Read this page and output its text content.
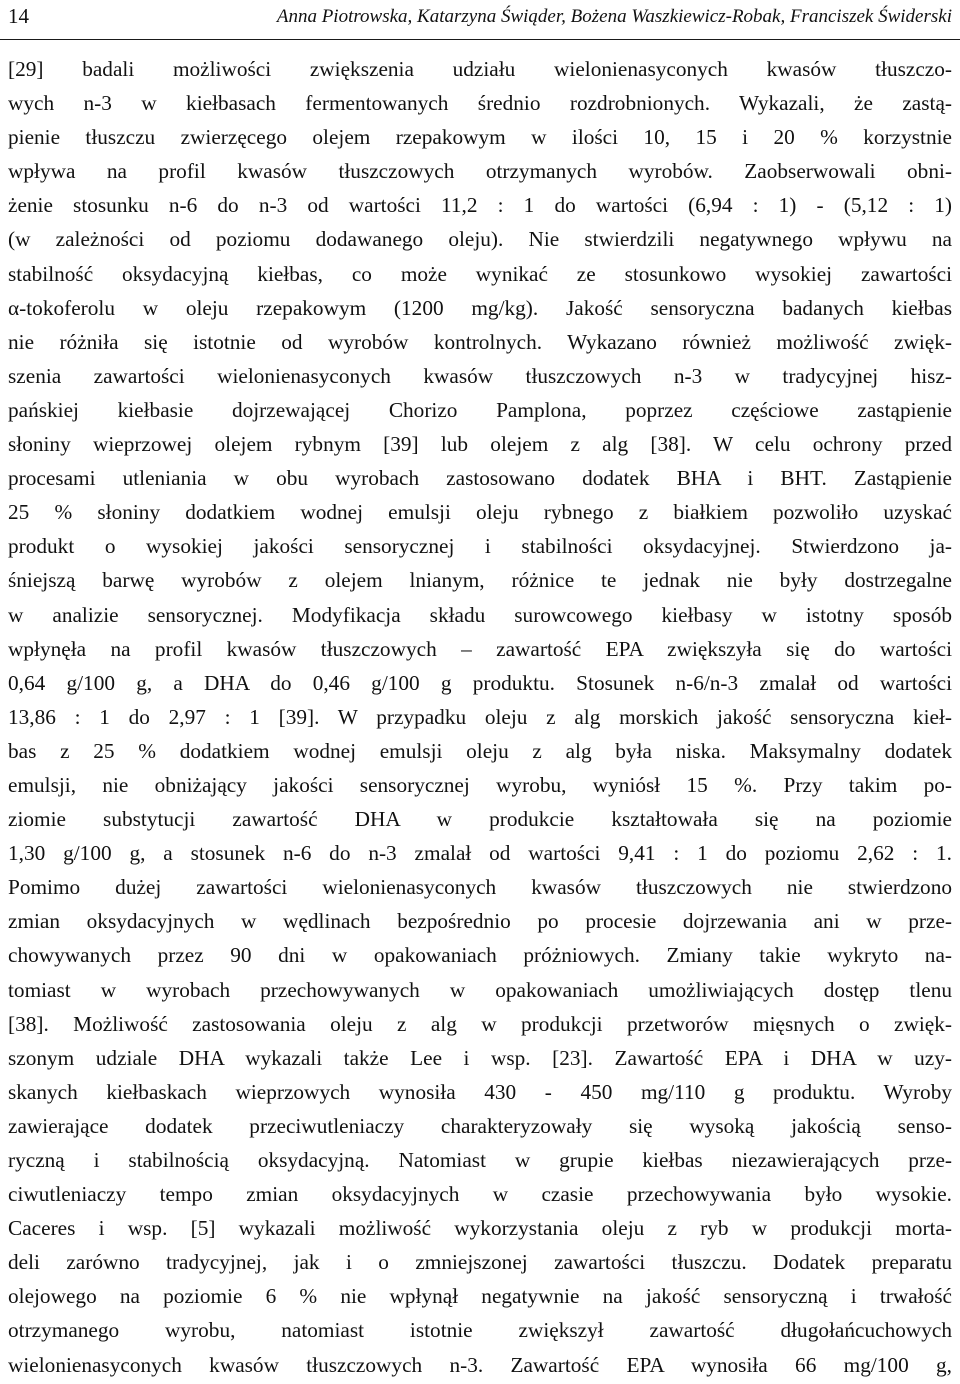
14	Anna Piotrowska, Katarzyna Świąder, Bożena Waszkiewicz-Robak, Franciszek Świderski
[29] badali możliwości zwiększenia udziału wielonienasyconych kwasów tłuszczo-
wych n-3 w kiełbasach fermentowanych średnio rozdrobnionych. Wykazali, że zastą-
pienie tłuszczu zwierzęcego olejem rzepakowym w ilości 10, 15 i 20 % korzystnie
wpływa na profil kwasów tłuszczowych otrzymanych wyrobów. Zaobserwowali obni-
żenie stosunku n-6 do n-3 od wartości 11,2 : 1 do wartości (6,94 : 1) - (5,12 : 1)
(w zależności od poziomu dodawanego oleju). Nie stwierdzili negatywnego wpływu na
stabilność oksydacyjną kiełbas, co może wynikać ze stosunkowo wysokiej zawartości
α-tokoferolu w oleju rzepakowym (1200 mg/kg). Jakość sensoryczna badanych kiełbas
nie różniła się istotnie od wyrobów kontrolnych. Wykazano również możliwość zwięk-
szenia zawartości wielonienasyconych kwasów tłuszczowych n-3 w tradycyjnej hisz-
pańskiej kiełbasie dojrzewającej Chorizo Pamplona, poprzez częściowe zastąpienie
słoniny wieprzowej olejem rybnym [39] lub olejem z alg [38]. W celu ochrony przed
procesami utleniania w obu wyrobach zastosowano dodatek BHA i BHT. Zastąpienie
25 % słoniny dodatkiem wodnej emulsji oleju rybnego z białkiem pozwoliło uzyskać
produkt o wysokiej jakości sensorycznej i stabilności oksydacyjnej. Stwierdzono ja-
śniejszą barwę wyrobów z olejem lnianym, różnice te jednak nie były dostrzegalne
w analizie sensorycznej. Modyfikacja składu surowcowego kiełbasy w istotny sposób
wpłynęła na profil kwasów tłuszczowych – zawartość EPA zwiększyła się do wartości
0,64 g/100 g, a DHA do 0,46 g/100 g produktu. Stosunek n-6/n-3 zmalał od wartości
13,86 : 1 do 2,97 : 1 [39]. W przypadku oleju z alg morskich jakość sensoryczna kieł-
bas z 25 % dodatkiem wodnej emulsji oleju z alg była niska. Maksymalny dodatek
emulsji, nie obniżający jakości sensorycznej wyrobu, wyniósł 15 %. Przy takim po-
ziomie substytucji zawartość DHA w produkcie kształtowała się na poziomie
1,30 g/100 g, a stosunek n-6 do n-3 zmalał od wartości 9,41 : 1 do poziomu 2,62 : 1.
Pomimo dużej zawartości wielonienasyconych kwasów tłuszczowych nie stwierdzono
zmian oksydacyjnych w wędlinach bezpośrednio po procesie dojrzewania ani w prze-
chowywanych przez 90 dni w opakowaniach próżniowych. Zmiany takie wykryto na-
tomiast w wyrobach przechowywanych w opakowaniach umożliwiających dostęp tlenu
[38]. Możliwość zastosowania oleju z alg w produkcji przetworów mięsnych o zwięk-
szonym udziale DHA wykazali także Lee i wsp. [23]. Zawartość EPA i DHA w uzy-
skanych kiełbaskach wieprzowych wynosiła 430 - 450 mg/110 g produktu. Wyroby
zawierające dodatek przeciwutleniaczy charakteryzowały się wysoką jakością senso-
ryczną i stabilnością oksydacyjną. Natomiast w grupie kiełbas niezawierających prze-
ciwutleniaczy tempo zmian oksydacyjnych w czasie przechowywania było wysokie.
Caceres i wsp. [5] wykazali możliwość wykorzystania oleju z ryb w produkcji morta-
deli zarówno tradycyjnej, jak i o zmniejszonej zawartości tłuszczu. Dodatek preparatu
olejowego na poziomie 6 % nie wpłynął negatywnie na jakość sensoryczną i trwałość
otrzymanego wyrobu, natomiast istotnie zwiększył zawartość długołańcuchowych
wielonienasyconych kwasów tłuszczowych n-3. Zawartość EPA wynosiła 66 mg/100 g,
